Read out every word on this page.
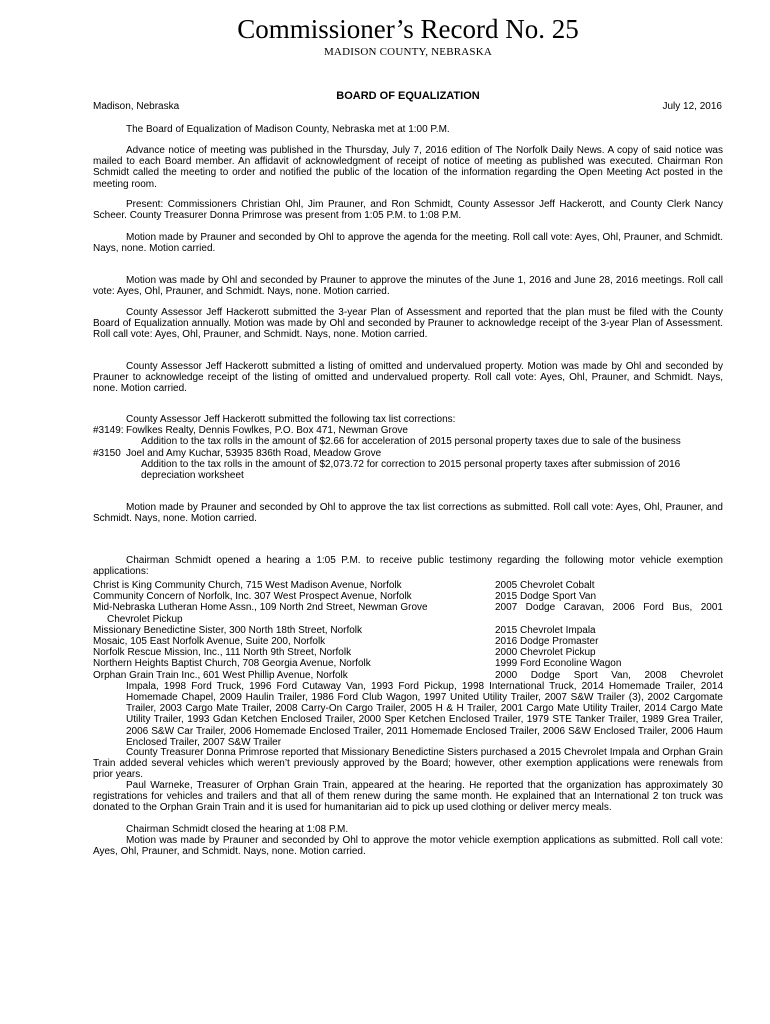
Commissioner’s Record No. 25
MADISON COUNTY, NEBRASKA
BOARD OF EQUALIZATION
Madison, Nebraska	July 12, 2016

The Board of Equalization of Madison County, Nebraska met at 1:00 P.M.

Advance notice of meeting was published in the Thursday, July 7, 2016 edition of The Norfolk Daily News. A copy of said notice was mailed to each Board member. An affidavit of acknowledgment of receipt of notice of meeting as published was executed. Chairman Ron Schmidt called the meeting to order and notified the public of the location of the information regarding the Open Meeting Act posted in the meeting room.

Present: Commissioners Christian Ohl, Jim Prauner, and Ron Schmidt, County Assessor Jeff Hackerott, and County Clerk Nancy Scheer. County Treasurer Donna Primrose was present from 1:05 P.M. to 1:08 P.M.

Motion made by Prauner and seconded by Ohl to approve the agenda for the meeting. Roll call vote: Ayes, Ohl, Prauner, and Schmidt. Nays, none. Motion carried.

Motion was made by Ohl and seconded by Prauner to approve the minutes of the June 1, 2016 and June 28, 2016 meetings. Roll call vote: Ayes, Ohl, Prauner, and Schmidt. Nays, none. Motion carried.

County Assessor Jeff Hackerott submitted the 3-year Plan of Assessment and reported that the plan must be filed with the County Board of Equalization annually. Motion was made by Ohl and seconded by Prauner to acknowledge receipt of the 3-year Plan of Assessment. Roll call vote: Ayes, Ohl, Prauner, and Schmidt. Nays, none. Motion carried.

County Assessor Jeff Hackerott submitted a listing of omitted and undervalued property. Motion was made by Ohl and seconded by Prauner to acknowledge receipt of the listing of omitted and undervalued property. Roll call vote: Ayes, Ohl, Prauner, and Schmidt. Nays, none. Motion carried.

County Assessor Jeff Hackerott submitted the following tax list corrections:

#3149: Fowlkes Realty, Dennis Fowlkes, P.O. Box 471, Newman Grove

Addition to the tax rolls in the amount of $2.66 for acceleration of 2015 personal property taxes due to sale of the business

#3150 Joel and Amy Kuchar, 53935 836th Road, Meadow Grove

Addition to the tax rolls in the amount of $2,073.72 for correction to 2015 personal property taxes after submission of 2016 depreciation worksheet

Motion made by Prauner and seconded by Ohl to approve the tax list corrections as submitted. Roll call vote: Ayes, Ohl, Prauner, and Schmidt. Nays, none. Motion carried.

Chairman Schmidt opened a hearing a 1:05 P.M. to receive public testimony regarding the following motor vehicle exemption applications:

Christ is King Community Church, 715 West Madison Avenue, Norfolk	2005 Chevrolet Cobalt
Community Concern of Norfolk, Inc. 307 West Prospect Avenue, Norfolk	2015 Dodge Sport Van
Mid-Nebraska Lutheran Home Assn., 109 North 2nd Street, Newman Grove	2007 Dodge Caravan, 2006 Ford Bus, 2001
Chevrolet Pickup
Missionary Benedictine Sister, 300 North 18th Street, Norfolk	2015 Chevrolet Impala
Mosaic, 105 East Norfolk Avenue, Suite 200, Norfolk	2016 Dodge Promaster
Norfolk Rescue Mission, Inc., 111 North 9th Street, Norfolk	2000 Chevrolet Pickup
Northern Heights Baptist Church, 708 Georgia Avenue, Norfolk	1999 Ford Econoline Wagon
Orphan Grain Train Inc., 601 West Phillip Avenue, Norfolk	2000 Dodge Sport Van, 2008 Chevrolet
Impala, 1998 Ford Truck, 1996 Ford Cutaway Van, 1993 Ford Pickup, 1998 International Truck, 2014 Homemade Trailer, 2014 Homemade Chapel, 2009 Haulin Trailer, 1986 Ford Club Wagon, 1997 United Utility Trailer, 2007 S&W Trailer (3), 2002 Cargomate Trailer, 2003 Cargo Mate Trailer, 2008 Carry-On Cargo Trailer, 2005 H & H Trailer, 2001 Cargo Mate Utility Trailer, 2014 Cargo Mate Utility Trailer, 1993 Gdan Ketchen Enclosed Trailer, 2000 Sper Ketchen Enclosed Trailer, 1979 STE Tanker Trailer, 1989 Grea Trailer, 2006 S&W Car Trailer, 2006 Homemade Enclosed Trailer, 2011 Homemade Enclosed Trailer, 2006 S&W Enclosed Trailer, 2006 Haum Enclosed Trailer, 2007 S&W Trailer

County Treasurer Donna Primrose reported that Missionary Benedictine Sisters purchased a 2015 Chevrolet Impala and Orphan Grain Train added several vehicles which weren’t previously approved by the Board; however, other exemption applications were renewals from prior years.

Paul Warneke, Treasurer of Orphan Grain Train, appeared at the hearing. He reported that the organization has approximately 30 registrations for vehicles and trailers and that all of them renew during the same month. He explained that an International 2 ton truck was donated to the Orphan Grain Train and it is used for humanitarian aid to pick up used clothing or deliver mercy meals.

Chairman Schmidt closed the hearing at 1:08 P.M.

Motion was made by Prauner and seconded by Ohl to approve the motor vehicle exemption applications as submitted. Roll call vote: Ayes, Ohl, Prauner, and Schmidt. Nays, none. Motion carried.
